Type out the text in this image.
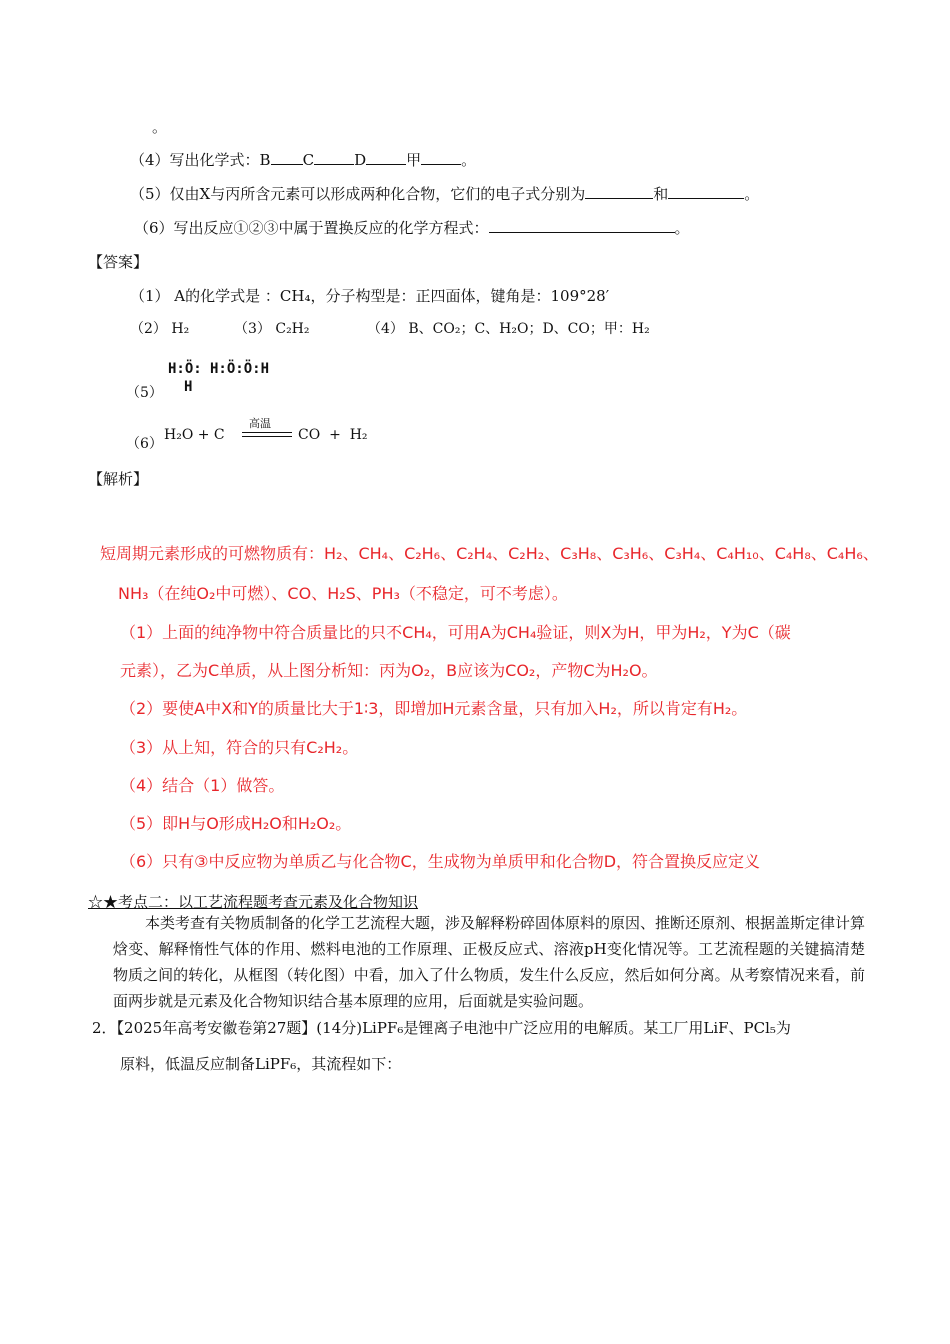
。
（4）写出化学式：B C	D	甲	。
（5）仅由X与丙所含元素可以形成两种化合物，它们的电子式分别为	和	。
（6）写出反应①②③中属于置换反应的化学方程式：	。
【答案】
（1） A的化学式是 ：CH₄，分子构型是：正四面体，键角是：109°28′
（2） H₂	（3） C₂H₂	（4） B、CO₂；C、H₂O；D、CO；甲：H₂
（5）
H:Ö:
H
H:Ö:Ö:H
（6）
H₂O + C
高温
CO  +  H₂
【解析】
短周期元素形成的可燃物质有：H₂、CH₄、C₂H₆、C₂H₄、C₂H₂、C₃H₈、C₃H₆、C₃H₄、C₄H₁₀、C₄H₈、C₄H₆、
NH₃（在纯O₂中可燃）、CO、H₂S、PH₃（不稳定，可不考虑）。
（1）上面的纯净物中符合质量比的只不CH₄，可用A为CH₄验证，则X为H，甲为H₂，Y为C（碳
元素），乙为C单质，从上图分析知：丙为O₂，B应该为CO₂，产物C为H₂O。
（2）要使A中X和Y的质量比大于1∶3，即增加H元素含量，只有加入H₂，所以肯定有H₂。
（3）从上知，符合的只有C₂H₂。
（4）结合（1）做答。
（5）即H与O形成H₂O和H₂O₂。
（6）只有③中反应物为单质乙与化合物C，生成物为单质甲和化合物D，符合置换反应定义
☆★考点二：以工艺流程题考查元素及化合物知识
本类考查有关物质制备的化学工艺流程大题，涉及解释粉碎固体原料的原因、推断还原剂、根据盖斯定律计算焓变、解释惰性气体的作用、燃料电池的工作原理、正极反应式、溶液pH变化情况等。工艺流程题的关键搞清楚物质之间的转化，从框图（转化图）中看，加入了什么物质，发生什么反应，然后如何分离。从考察情况来看，前面两步就是元素及化合物知识结合基本原理的应用，后面就是实验问题。
2．【2025年高考安徽卷第27题】(14分)LiPF₆是锂离子电池中广泛应用的电解质。某工厂用LiF、PCl₅为
原料，低温反应制备LiPF₆，其流程如下：
